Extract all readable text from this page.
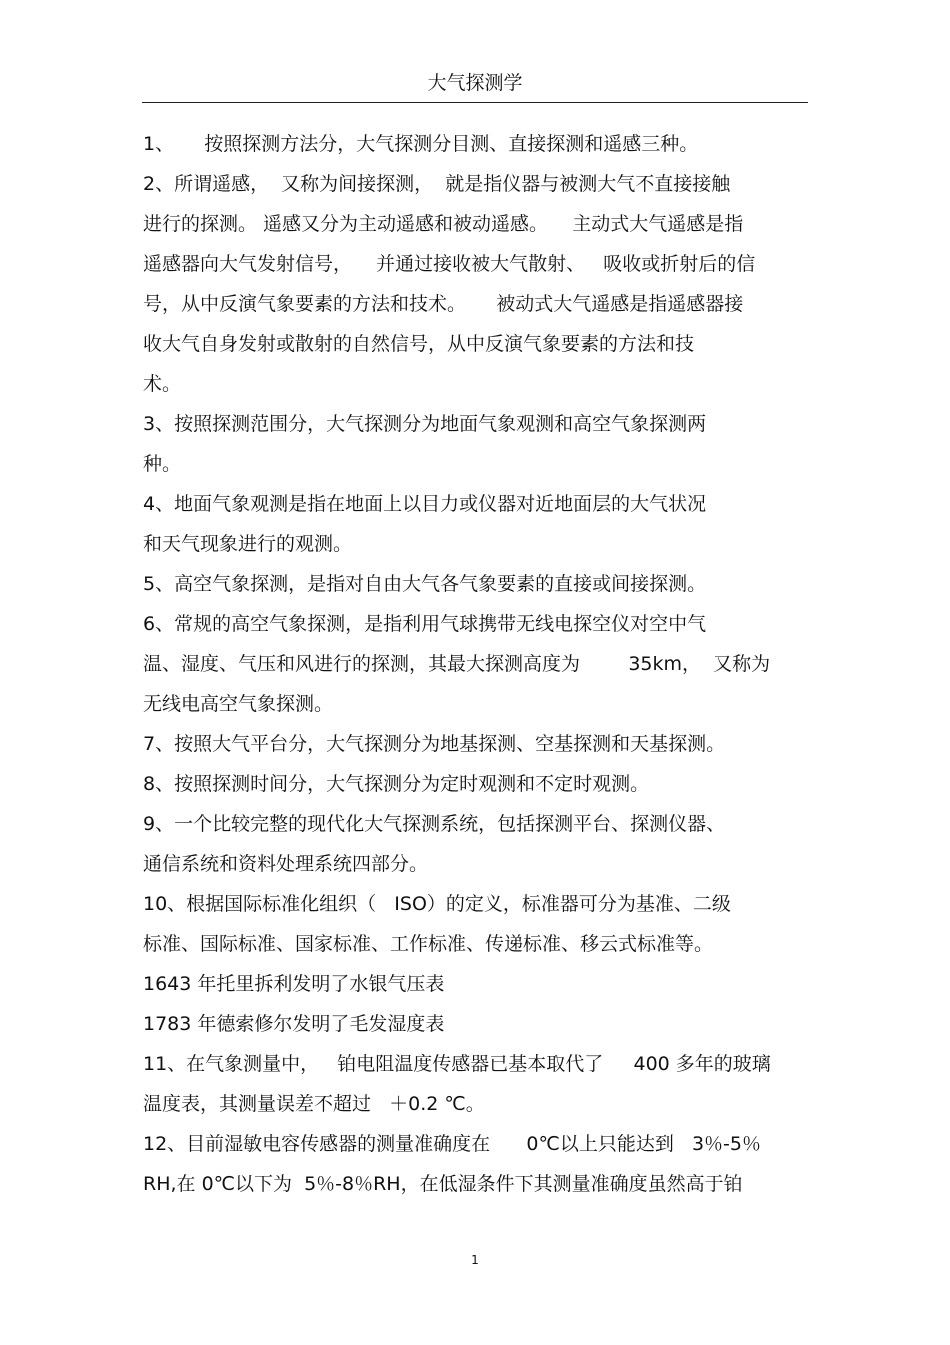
大气探测学
1、     按照探测方法分，大气探测分目测、直接探测和遥感三种。
2、所谓遥感，  又称为间接探测，  就是指仪器与被测大气不直接接触
进行的探测。 遥感又分为主动遥感和被动遥感。    主动式大气遥感是指
遥感器向大气发射信号，    并通过接收被大气散射、   吸收或折射后的信
号，从中反演气象要素的方法和技术。     被动式大气遥感是指遥感器接
收大气自身发射或散射的自然信号，从中反演气象要素的方法和技
术。
3、按照探测范围分，大气探测分为地面气象观测和高空气象探测两
种。
4、地面气象观测是指在地面上以目力或仪器对近地面层的大气状况
和天气现象进行的观测。
5、高空气象探测，是指对自由大气各气象要素的直接或间接探测。
6、常规的高空气象探测，是指利用气球携带无线电探空仪对空中气
温、湿度、气压和风进行的探测，其最大探测高度为        35km，  又称为
无线电高空气象探测。
7、按照大气平台分，大气探测分为地基探测、空基探测和天基探测。
8、按照探测时间分，大气探测分为定时观测和不定时观测。
9、一个比较完整的现代化大气探测系统，包括探测平台、探测仪器、
通信系统和资料处理系统四部分。
10、根据国际标准化组织（   ISO）的定义，标准器可分为基准、二级
标准、国际标准、国家标准、工作标准、传递标准、移云式标准等。
1643 年托里拆利发明了水银气压表
1783 年德索修尔发明了毛发湿度表
11、在气象测量中，   铂电阻温度传感器已基本取代了     400 多年的玻璃
温度表，其测量误差不超过   ＋0.2 ℃。
12、目前湿敏电容传感器的测量准确度在      0℃以上只能达到   3％-5％
RH,在 0℃以下为  5％-8％RH，在低湿条件下其测量准确度虽然高于铂
1
